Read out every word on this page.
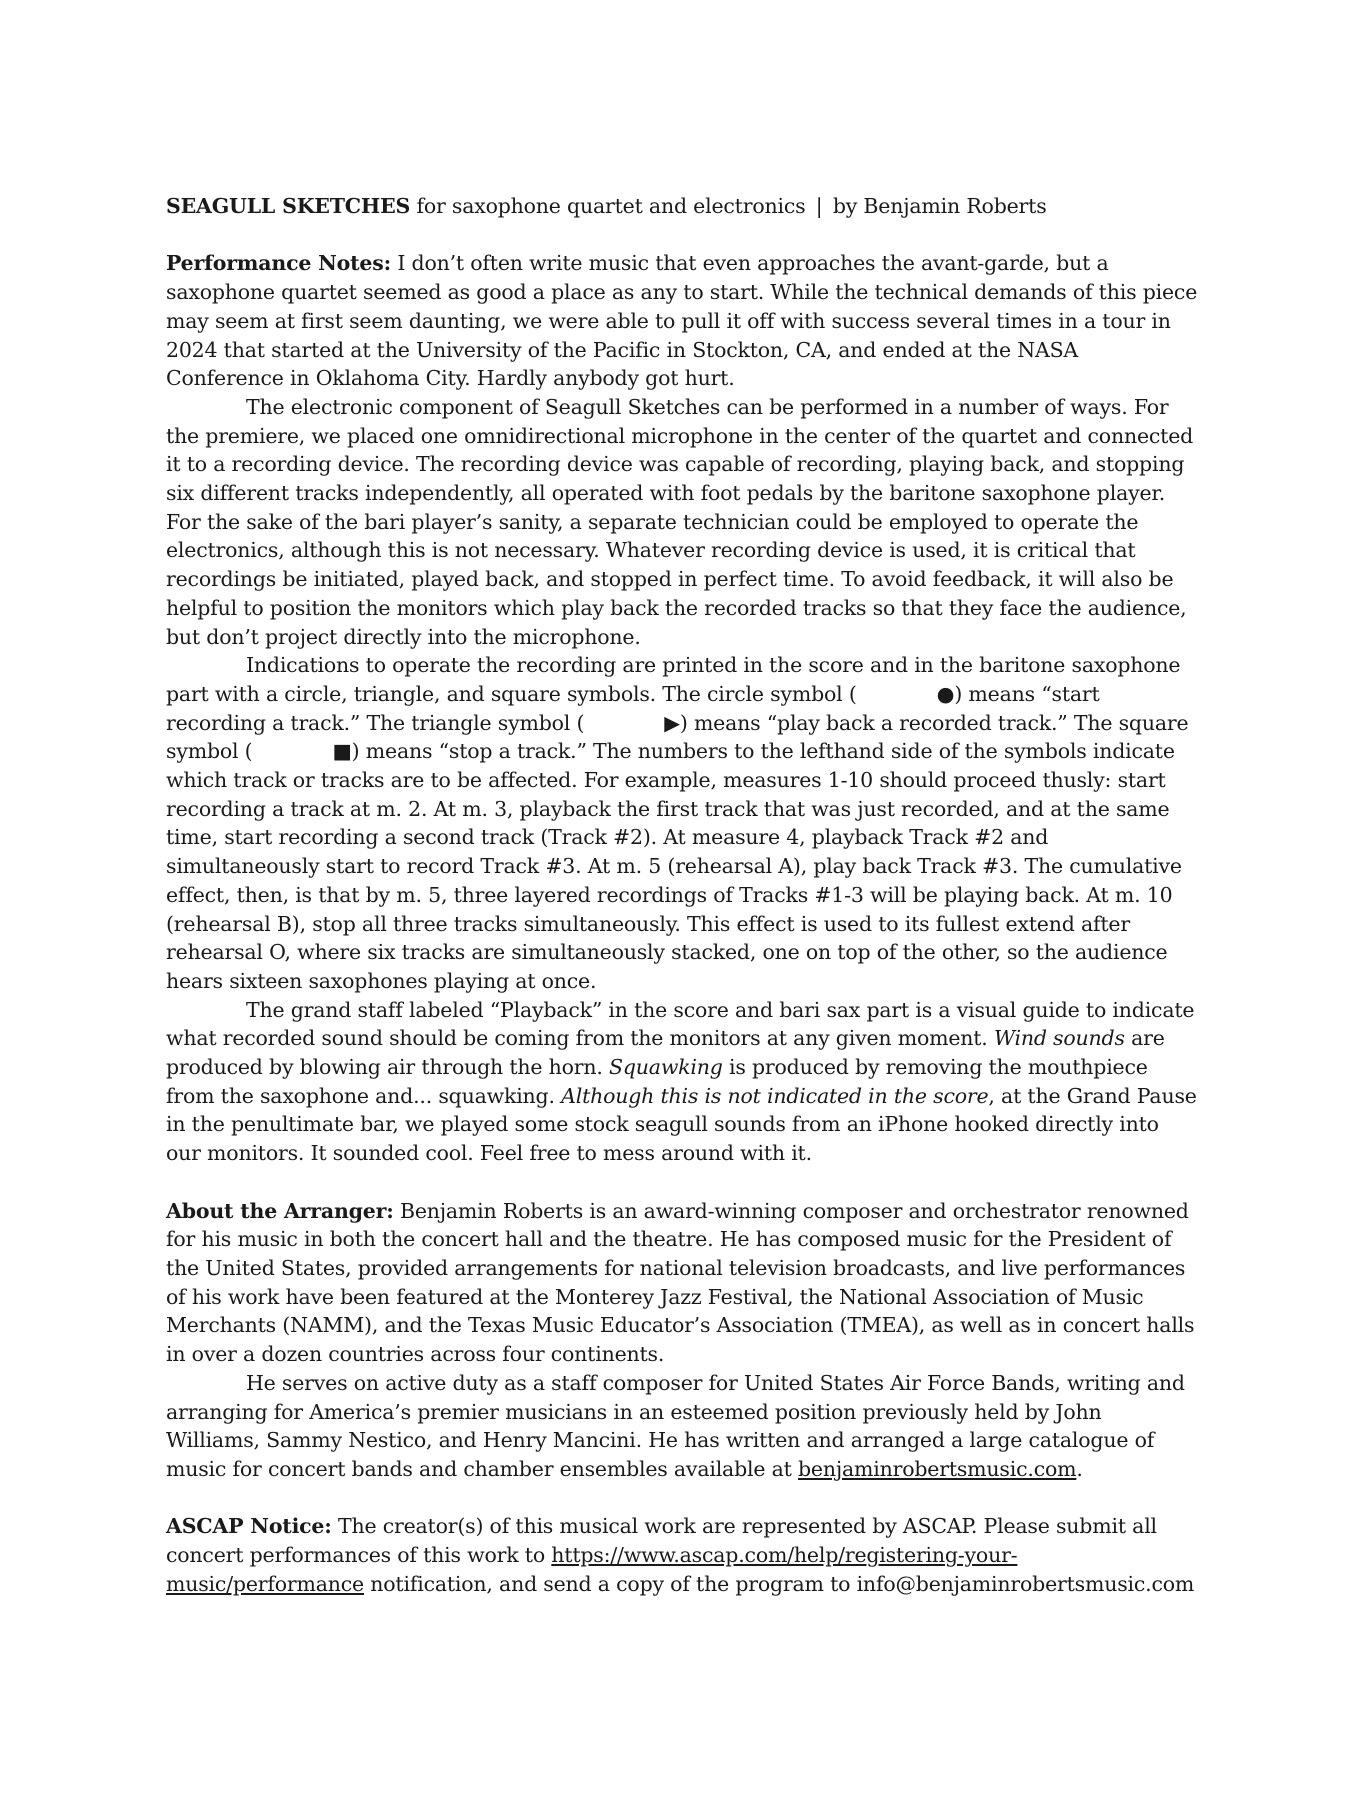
SEAGULL SKETCHES for saxophone quartet and electronics | by Benjamin Roberts

Performance Notes: I don’t often write music that even approaches the avant-garde, but a saxophone quartet seemed as good a place as any to start. While the technical demands of this piece may seem at first seem daunting, we were able to pull it off with success several times in a tour in 2024 that started at the University of the Pacific in Stockton, CA, and ended at the NASA Conference in Oklahoma City. Hardly anybody got hurt.

The electronic component of Seagull Sketches can be performed in a number of ways. For the premiere, we placed one omnidirectional microphone in the center of the quartet and connected it to a recording device. The recording device was capable of recording, playing back, and stopping six different tracks independently, all operated with foot pedals by the baritone saxophone player. For the sake of the bari player’s sanity, a separate technician could be employed to operate the electronics, although this is not necessary. Whatever recording device is used, it is critical that recordings be initiated, played back, and stopped in perfect time. To avoid feedback, it will also be helpful to position the monitors which play back the recorded tracks so that they face the audience, but don’t project directly into the microphone.

Indications to operate the recording are printed in the score and in the baritone saxophone part with a circle, triangle, and square symbols. The circle symbol (	●) means “start recording a track.” The triangle symbol (	▶) means “play back a recorded track.” The square symbol (	■) means “stop a track.” The numbers to the lefthand side of the symbols indicate which track or tracks are to be affected. For example, measures 1-10 should proceed thusly: start recording a track at m. 2. At m. 3, playback the first track that was just recorded, and at the same time, start recording a second track (Track #2). At measure 4, playback Track #2 and simultaneously start to record Track #3. At m. 5 (rehearsal A), play back Track #3. The cumulative effect, then, is that by m. 5, three layered recordings of Tracks #1-3 will be playing back. At m. 10 (rehearsal B), stop all three tracks simultaneously. This effect is used to its fullest extend after rehearsal O, where six tracks are simultaneously stacked, one on top of the other, so the audience hears sixteen saxophones playing at once.

The grand staff labeled “Playback” in the score and bari sax part is a visual guide to indicate what recorded sound should be coming from the monitors at any given moment. Wind sounds are produced by blowing air through the horn. Squawking is produced by removing the mouthpiece from the saxophone and... squawking. Although this is not indicated in the score, at the Grand Pause in the penultimate bar, we played some stock seagull sounds from an iPhone hooked directly into our monitors. It sounded cool. Feel free to mess around with it.

About the Arranger: Benjamin Roberts is an award-winning composer and orchestrator renowned for his music in both the concert hall and the theatre. He has composed music for the President of the United States, provided arrangements for national television broadcasts, and live performances of his work have been featured at the Monterey Jazz Festival, the National Association of Music Merchants (NAMM), and the Texas Music Educator’s Association (TMEA), as well as in concert halls in over a dozen countries across four continents.

He serves on active duty as a staff composer for United States Air Force Bands, writing and arranging for America’s premier musicians in an esteemed position previously held by John Williams, Sammy Nestico, and Henry Mancini. He has written and arranged a large catalogue of music for concert bands and chamber ensembles available at benjaminrobertsmusic.com.

ASCAP Notice: The creator(s) of this musical work are represented by ASCAP. Please submit all concert performances of this work to https://www.ascap.com/help/registering-your-music/performance notification, and send a copy of the program to info@benjaminrobertsmusic.com
